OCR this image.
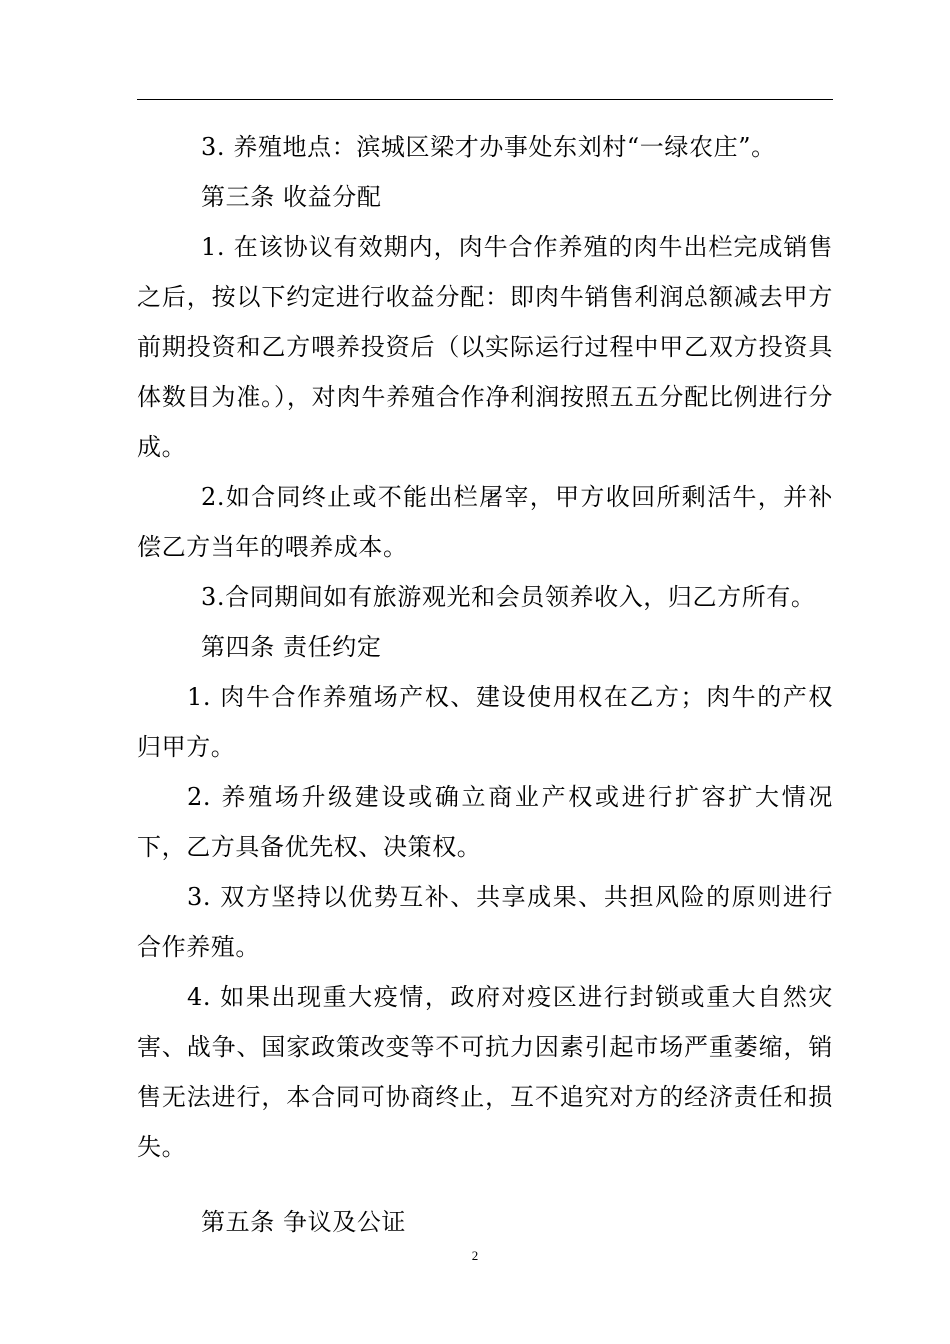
3. 养殖地点：滨城区梁才办事处东刘村“一绿农庄”。

第三条 收益分配

1. 在该协议有效期内，肉牛合作养殖的肉牛出栏完成销售之后，按以下约定进行收益分配：即肉牛销售利润总额减去甲方前期投资和乙方喂养投资后（以实际运行过程中甲乙双方投资具体数目为准。），对肉牛养殖合作净利润按照五五分配比例进行分成。

2.如合同终止或不能出栏屠宰，甲方收回所剩活牛，并补偿乙方当年的喂养成本。

3.合同期间如有旅游观光和会员领养收入，归乙方所有。

第四条 责任约定

1. 肉牛合作养殖场产权、建设使用权在乙方；肉牛的产权归甲方。

2. 养殖场升级建设或确立商业产权或进行扩容扩大情况下，乙方具备优先权、决策权。

3. 双方坚持以优势互补、共享成果、共担风险的原则进行合作养殖。

4. 如果出现重大疫情，政府对疫区进行封锁或重大自然灾害、战争、国家政策改变等不可抗力因素引起市场严重萎缩，销售无法进行，本合同可协商终止，互不追究对方的经济责任和损失。

第五条 争议及公证

2
